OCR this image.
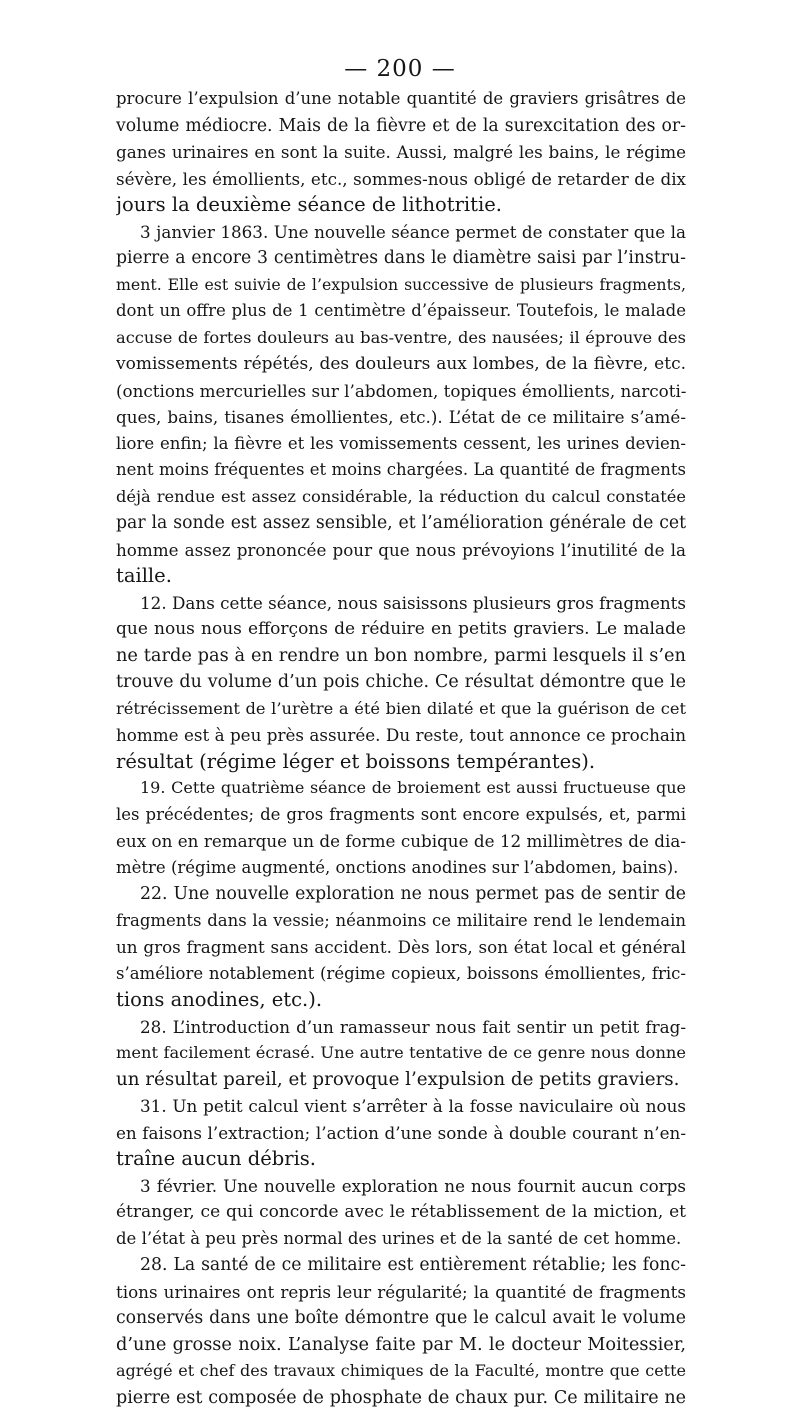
— 200 —
procure l’expulsion d’une notable quantité de graviers grisâtres de
volume médiocre. Mais de la fièvre et de la surexcitation des or-
ganes urinaires en sont la suite. Aussi, malgré les bains, le régime
sévère, les émollients, etc., sommes-nous obligé de retarder de dix
jours la deuxième séance de lithotritie.
3 janvier 1863. Une nouvelle séance permet de constater que la
pierre a encore 3 centimètres dans le diamètre saisi par l’instru-
ment. Elle est suivie de l’expulsion successive de plusieurs fragments,
dont un offre plus de 1 centimètre d’épaisseur. Toutefois, le malade
accuse de fortes douleurs au bas-ventre, des nausées; il éprouve des
vomissements répétés, des douleurs aux lombes, de la fièvre, etc.
(onctions mercurielles sur l’abdomen, topiques émollients, narcoti-
ques, bains, tisanes émollientes, etc.). L’état de ce militaire s’amé-
liore enfin; la fièvre et les vomissements cessent, les urines devien-
nent moins fréquentes et moins chargées. La quantité de fragments
déjà rendue est assez considérable, la réduction du calcul constatée
par la sonde est assez sensible, et l’amélioration générale de cet
homme assez prononcée pour que nous prévoyions l’inutilité de la
taille.
12. Dans cette séance, nous saisissons plusieurs gros fragments
que nous nous efforçons de réduire en petits graviers. Le malade
ne tarde pas à en rendre un bon nombre, parmi lesquels il s’en
trouve du volume d’un pois chiche. Ce résultat démontre que le
rétrécissement de l’urètre a été bien dilaté et que la guérison de cet
homme est à peu près assurée. Du reste, tout annonce ce prochain
résultat (régime léger et boissons tempérantes).
19. Cette quatrième séance de broiement est aussi fructueuse que
les précédentes; de gros fragments sont encore expulsés, et, parmi
eux on en remarque un de forme cubique de 12 millimètres de dia-
mètre (régime augmenté, onctions anodines sur l’abdomen, bains).
22. Une nouvelle exploration ne nous permet pas de sentir de
fragments dans la vessie; néanmoins ce militaire rend le lendemain
un gros fragment sans accident. Dès lors, son état local et général
s’améliore notablement (régime copieux, boissons émollientes, fric-
tions anodines, etc.).
28. L’introduction d’un ramasseur nous fait sentir un petit frag-
ment facilement écrasé. Une autre tentative de ce genre nous donne
un résultat pareil, et provoque l’expulsion de petits graviers.
31. Un petit calcul vient s’arrêter à la fosse naviculaire où nous
en faisons l’extraction; l’action d’une sonde à double courant n’en-
traîne aucun débris.
3 février. Une nouvelle exploration ne nous fournit aucun corps
étranger, ce qui concorde avec le rétablissement de la miction, et
de l’état à peu près normal des urines et de la santé de cet homme.
28. La santé de ce militaire est entièrement rétablie; les fonc-
tions urinaires ont repris leur régularité; la quantité de fragments
conservés dans une boîte démontre que le calcul avait le volume
d’une grosse noix. L’analyse faite par M. le docteur Moitessier,
agrégé et chef des travaux chimiques de la Faculté, montre que cette
pierre est composée de phosphate de chaux pur. Ce militaire ne
